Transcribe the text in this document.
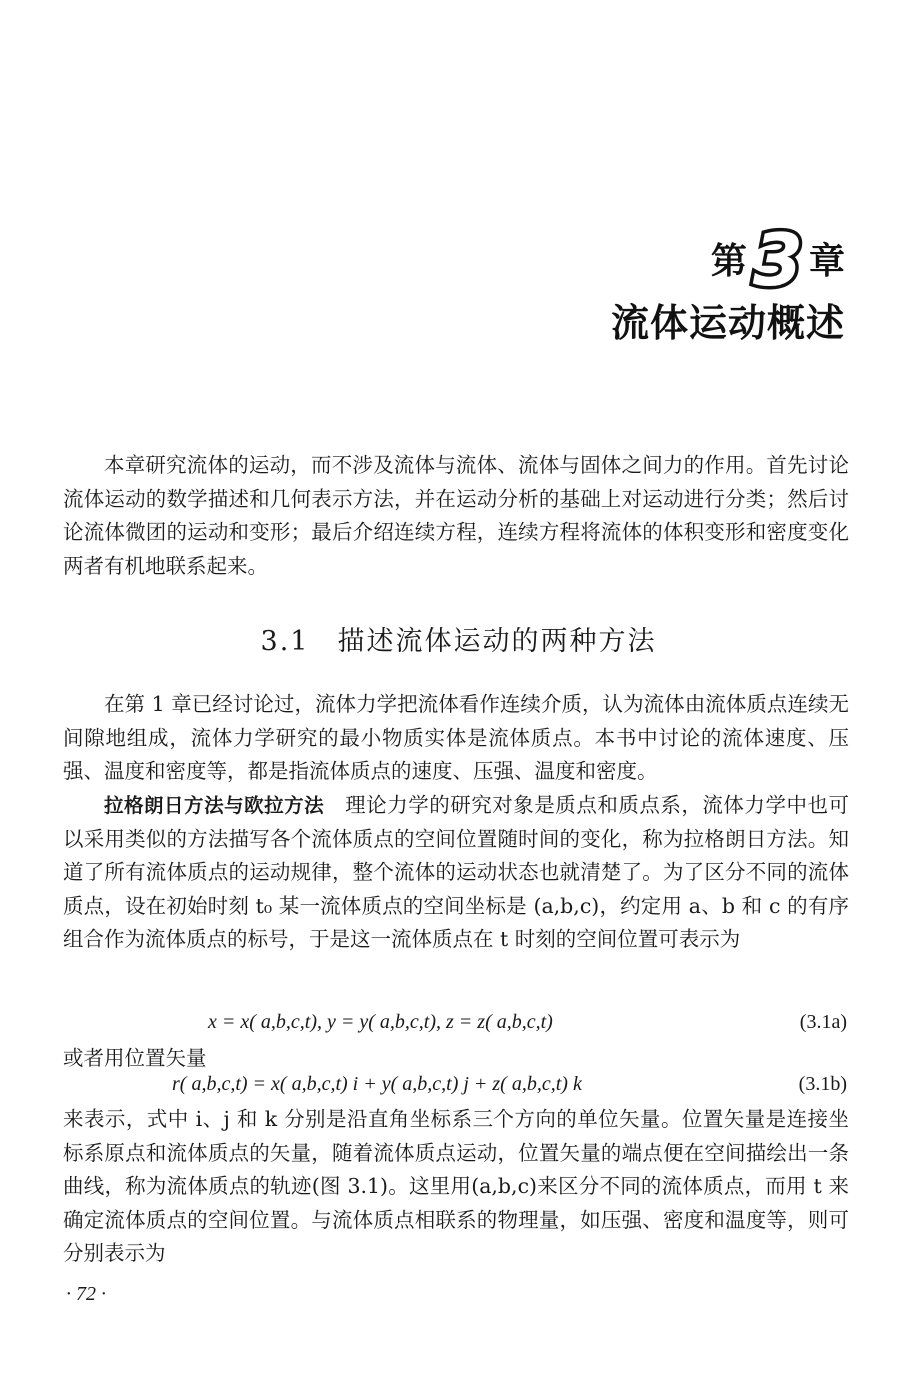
第 3 章
流体运动概述
本章研究流体的运动，而不涉及流体与流体、流体与固体之间力的作用。首先讨论流体运动的数学描述和几何表示方法，并在运动分析的基础上对运动进行分类；然后讨论流体微团的运动和变形；最后介绍连续方程，连续方程将流体的体积变形和密度变化两者有机地联系起来。
3.1 描述流体运动的两种方法
在第 1 章已经讨论过，流体力学把流体看作连续介质，认为流体由流体质点连续无间隙地组成，流体力学研究的最小物质实体是流体质点。本书中讨论的流体速度、压强、温度和密度等，都是指流体质点的速度、压强、温度和密度。
拉格朗日方法与欧拉方法　理论力学的研究对象是质点和质点系，流体力学中也可以采用类似的方法描写各个流体质点的空间位置随时间的变化，称为拉格朗日方法。知道了所有流体质点的运动规律，整个流体的运动状态也就清楚了。为了区分不同的流体质点，设在初始时刻 t₀ 某一流体质点的空间坐标是 (a,b,c)，约定用 a、b 和 c 的有序组合作为流体质点的标号，于是这一流体质点在 t 时刻的空间位置可表示为
x = x( a,b,c,t), y = y( a,b,c,t), z = z( a,b,c,t)	(3.1a)
或者用位置矢量
r( a,b,c,t) = x( a,b,c,t) i + y( a,b,c,t) j + z( a,b,c,t) k	(3.1b)
来表示，式中 i、j 和 k 分别是沿直角坐标系三个方向的单位矢量。位置矢量是连接坐标系原点和流体质点的矢量，随着流体质点运动，位置矢量的端点便在空间描绘出一条曲线，称为流体质点的轨迹(图 3.1)。这里用(a,b,c)来区分不同的流体质点，而用 t 来确定流体质点的空间位置。与流体质点相联系的物理量，如压强、密度和温度等，则可分别表示为
· 72 ·
